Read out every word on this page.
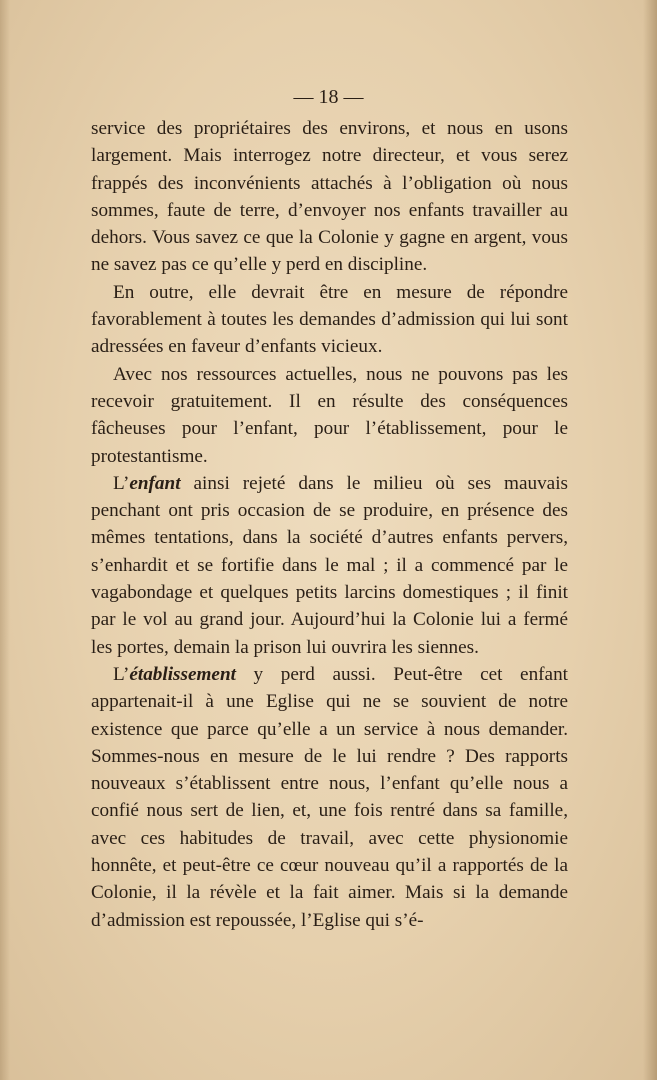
— 18 —

service des propriétaires des environs, et nous en usons largement. Mais interrogez notre directeur, et vous serez frappés des inconvénients attachés à l’obligation où nous sommes, faute de terre, d’envoyer nos enfants travailler au dehors. Vous savez ce que la Colonie y gagne en argent, vous ne savez pas ce qu’elle y perd en discipline.

En outre, elle devrait être en mesure de répondre favorablement à toutes les demandes d’admission qui lui sont adressées en faveur d’enfants vicieux.

Avec nos ressources actuelles, nous ne pouvons pas les recevoir gratuitement. Il en résulte des conséquences fâcheuses pour l’enfant, pour l’établissement, pour le protestantisme.

L’enfant ainsi rejeté dans le milieu où ses mauvais penchant ont pris occasion de se produire, en présence des mêmes tentations, dans la société d’autres enfants pervers, s’enhardit et se fortifie dans le mal ; il a commencé par le vagabondage et quelques petits larcins domestiques ; il finit par le vol au grand jour. Aujourd’hui la Colonie lui a fermé les portes, demain la prison lui ouvrira les siennes.

L’établissement y perd aussi. Peut-être cet enfant appartenait-il à une Eglise qui ne se souvient de notre existence que parce qu’elle a un service à nous demander. Sommes-nous en mesure de le lui rendre ? Des rapports nouveaux s’établissent entre nous, l’enfant qu’elle nous a confié nous sert de lien, et, une fois rentré dans sa famille, avec ces habitudes de travail, avec cette physionomie honnête, et peut-être ce cœur nouveau qu’il a rapportés de la Colonie, il la révèle et la fait aimer. Mais si la demande d’admission est repoussée, l’Eglise qui s’é-
